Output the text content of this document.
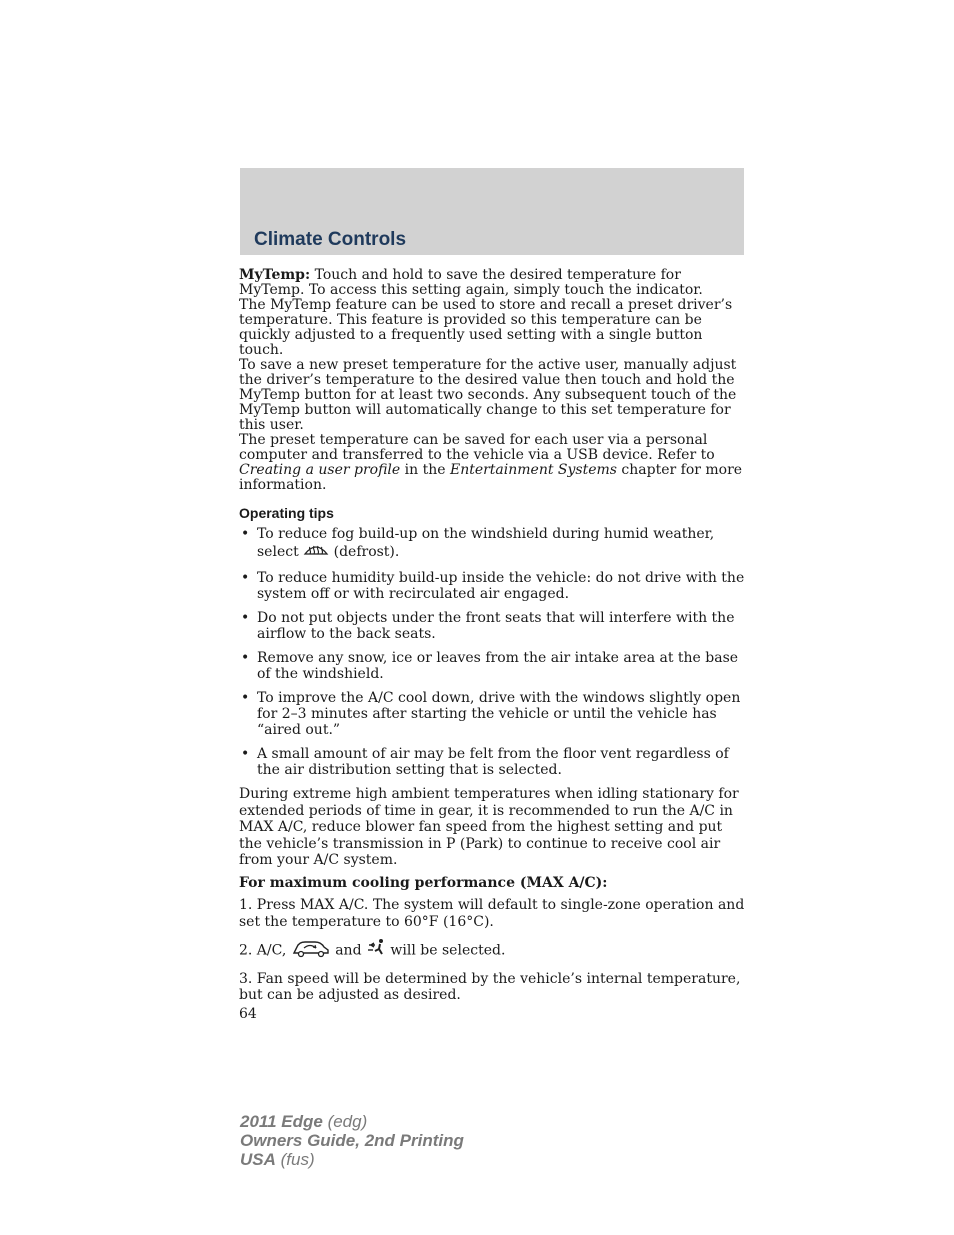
Climate Controls

MyTemp: Touch and hold to save the desired temperature for MyTemp. To access this setting again, simply touch the indicator.

The MyTemp feature can be used to store and recall a preset driver’s temperature. This feature is provided so this temperature can be quickly adjusted to a frequently used setting with a single button touch.

To save a new preset temperature for the active user, manually adjust the driver’s temperature to the desired value then touch and hold the MyTemp button for at least two seconds. Any subsequent touch of the MyTemp button will automatically change to this set temperature for this user.

The preset temperature can be saved for each user via a personal computer and transferred to the vehicle via a USB device. Refer to Creating a user profile in the Entertainment Systems chapter for more information.

Operating tips
• To reduce fog build-up on the windshield during humid weather, select  (defrost).
• To reduce humidity build-up inside the vehicle: do not drive with the system off or with recirculated air engaged.
• Do not put objects under the front seats that will interfere with the airflow to the back seats.
• Remove any snow, ice or leaves from the air intake area at the base of the windshield.
• To improve the A/C cool down, drive with the windows slightly open for 2–3 minutes after starting the vehicle or until the vehicle has “aired out.”
• A small amount of air may be felt from the floor vent regardless of the air distribution setting that is selected.

During extreme high ambient temperatures when idling stationary for extended periods of time in gear, it is recommended to run the A/C in MAX A/C, reduce blower fan speed from the highest setting and put the vehicle’s transmission in P (Park) to continue to receive cool air from your A/C system.

For maximum cooling performance (MAX A/C):

1. Press MAX A/C. The system will default to single-zone operation and set the temperature to 60°F (16°C).

2. A/C,	and  will be selected.

3. Fan speed will be determined by the vehicle’s internal temperature, but can be adjusted as desired.

64

2011 Edge (edg)
Owners Guide, 2nd Printing
USA (fus)
